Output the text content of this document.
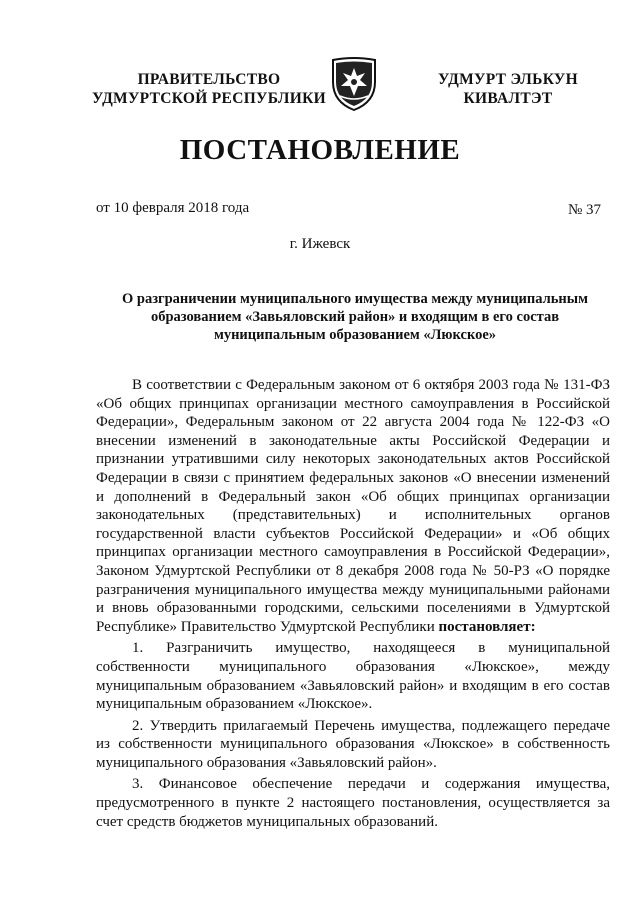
ПРАВИТЕЛЬСТВО
УДМУРТСКОЙ РЕСПУБЛИКИ
УДМУРТ ЭЛЬКУН
КИВАЛТЭТ
ПОСТАНОВЛЕНИЕ
от 10 февраля 2018 года	№ 37
г. Ижевск
О разграничении муниципального имущества между муниципальным
образованием «Завьяловский район» и входящим в его состав
муниципальным образованием «Люкское»

В соответствии с Федеральным законом от 6 октября 2003 года № 131-ФЗ «Об общих принципах организации местного самоуправления в Российской Федерации», Федеральным законом от 22 августа 2004 года № 122-ФЗ «О внесении изменений в законодательные акты Российской Федерации и признании утратившими силу некоторых законодательных актов Российской Федерации в связи с принятием федеральных законов «О внесении изменений и дополнений в Федеральный закон «Об общих принципах организации законодательных (представительных) и исполнительных органов государственной власти субъектов Российской Федерации» и «Об общих принципах организации местного самоуправления в Российской Федерации», Законом Удмуртской Республики от 8 декабря 2008 года № 50-РЗ «О порядке разграничения муниципального имущества между муниципальными районами и вновь образованными городскими, сельскими поселениями в Удмуртской Республике» Правительство Удмуртской Республики постановляет:

1. Разграничить имущество, находящееся в муниципальной собственности муниципального образования «Люкское», между муниципальным образованием «Завьяловский район» и входящим в его состав муниципальным образованием «Люкское».

2. Утвердить прилагаемый Перечень имущества, подлежащего передаче из собственности муниципального образования «Люкское» в собственность муниципального образования «Завьяловский район».

3. Финансовое обеспечение передачи и содержания имущества, предусмотренного в пункте 2 настоящего постановления, осуществляется за счет средств бюджетов муниципальных образований.
